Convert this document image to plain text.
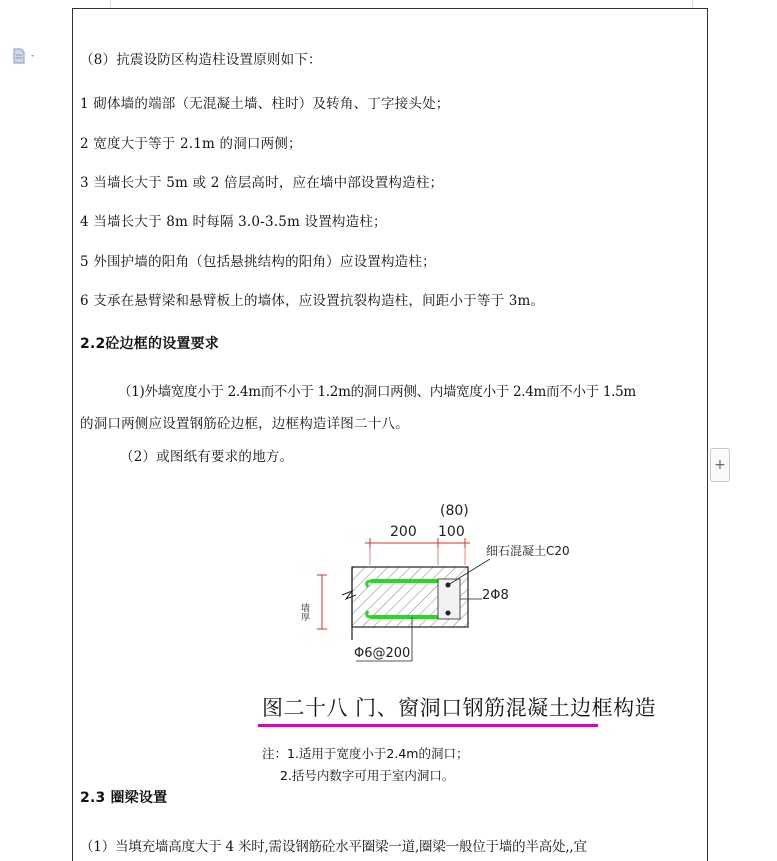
+
（8）抗震设防区构造柱设置原则如下：
1 砌体墙的端部（无混凝土墙、柱时）及转角、丁字接头处；
2 宽度大于等于 2.1m 的洞口两侧；
3 当墙长大于 5m 或 2 倍层高时，应在墙中部设置构造柱；
4 当墙长大于 8m 时每隔 3.0-3.5m 设置构造柱；
5 外围护墙的阳角（包括悬挑结构的阳角）应设置构造柱；
6 支承在悬臂梁和悬臂板上的墙体，应设置抗裂构造柱，间距小于等于 3m。
2.2砼边框的设置要求
（1)外墙宽度小于 2.4m而不小于 1.2m的洞口两侧、内墙宽度小于 2.4m而不小于 1.5m
的洞口两侧应设置钢筋砼边框，边框构造详图二十八。
（2）或图纸有要求的地方。
(80)
200 100
细石混凝土C20
2Φ8
Φ6@200
墙厚
图二十八 门、窗洞口钢筋混凝土边框构造
注：1.适用于宽度小于2.4m的洞口；
2.括号内数字可用于室内洞口。
2.3 圈梁设置
（1）当填充墙高度大于 4 米时,需设钢筋砼水平圈梁一道,圈梁一般位于墙的半高处,,宜
